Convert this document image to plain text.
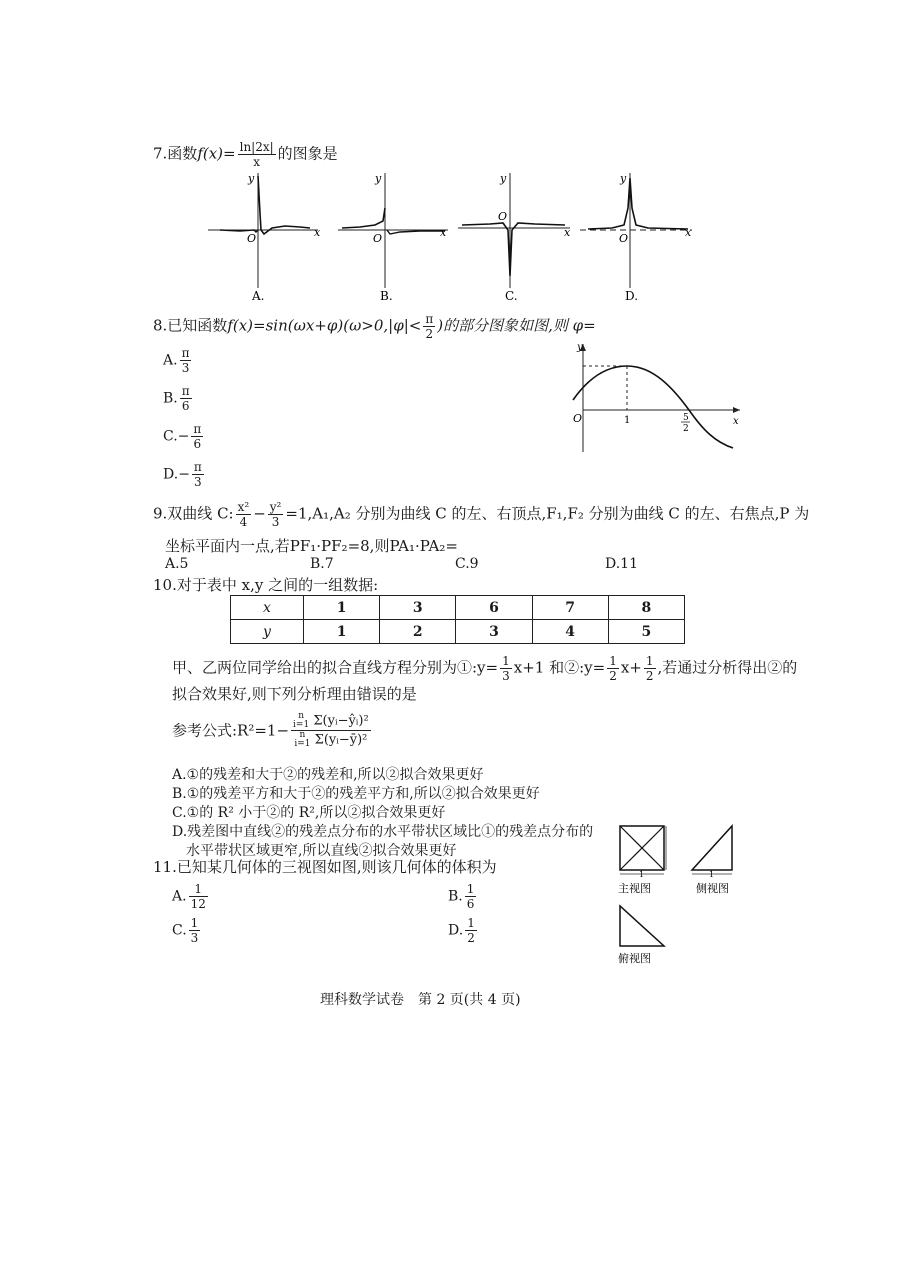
7.函数$f(x)= \frac{\ln|2x|}{x}$ 的图象是
y
x
O
A.
y
x
O
B.
y
x
O
C.
y
x
O
D.
8.已知函数$f(x)=\sin(\omega x+\varphi)(\omega>0,|\varphi|< \frac{\pi}{2}$ )的部分图象如图,则 φ=
A. $\frac{\pi}{3}$
B. $\frac{\pi}{6}$
$C.- \frac{\pi}{6}$
$D.- \frac{\pi}{3}$
y
x
O	1	5
2
9.双曲线 C: $\frac{\text{x²}}{4} - \frac{\text{y²}}{3} =1,A_1,A_2$ 分别为曲线 C 的左、右顶点,F₁,F₂ 分别为曲线 C 的左、右焦点,P 为
坐标平面内一点,若PF₁·PF₂=8,则PA₁·PA₂=
A.5	B.7	C.9	D.11
10.对于表中 x,y 之间的一组数据:
x	1	3	6	7	8
y	1	2	3	4	5
甲、乙两位同学给出的拟合直线方程分别为①:y= $\frac{1}{3} x+1$ 和②:y= $\frac{1}{2} x+ \frac{1}{2}$ ,若通过分析得出②的
拟合效果好,则下列分析理由错误的是
参考公式:R²=1− n
i=1 Σ(yᵢ−ŷᵢ)²
n
i=1 Σ(yᵢ−ȳ)²
A.①的残差和大于②的残差和,所以②拟合效果更好
B.①的残差平方和大于②的残差平方和,所以②拟合效果更好
C.①的 R² 小于②的 R²,所以②拟合效果更好
D.残差图中直线②的残差点分布的水平带状区域比①的残差点分布的
水平带状区域更窄,所以直线②拟合效果更好
11.已知某几何体的三视图如图,则该几何体的体积为
A. $\frac{1}{12}$	B. $\frac{1}{6}$
C. $\frac{1}{3}$	D. $\frac{1}{2}$
1
主视图
1
侧视图
俯视图
理科数学试卷　第 2 页(共 4 页)
